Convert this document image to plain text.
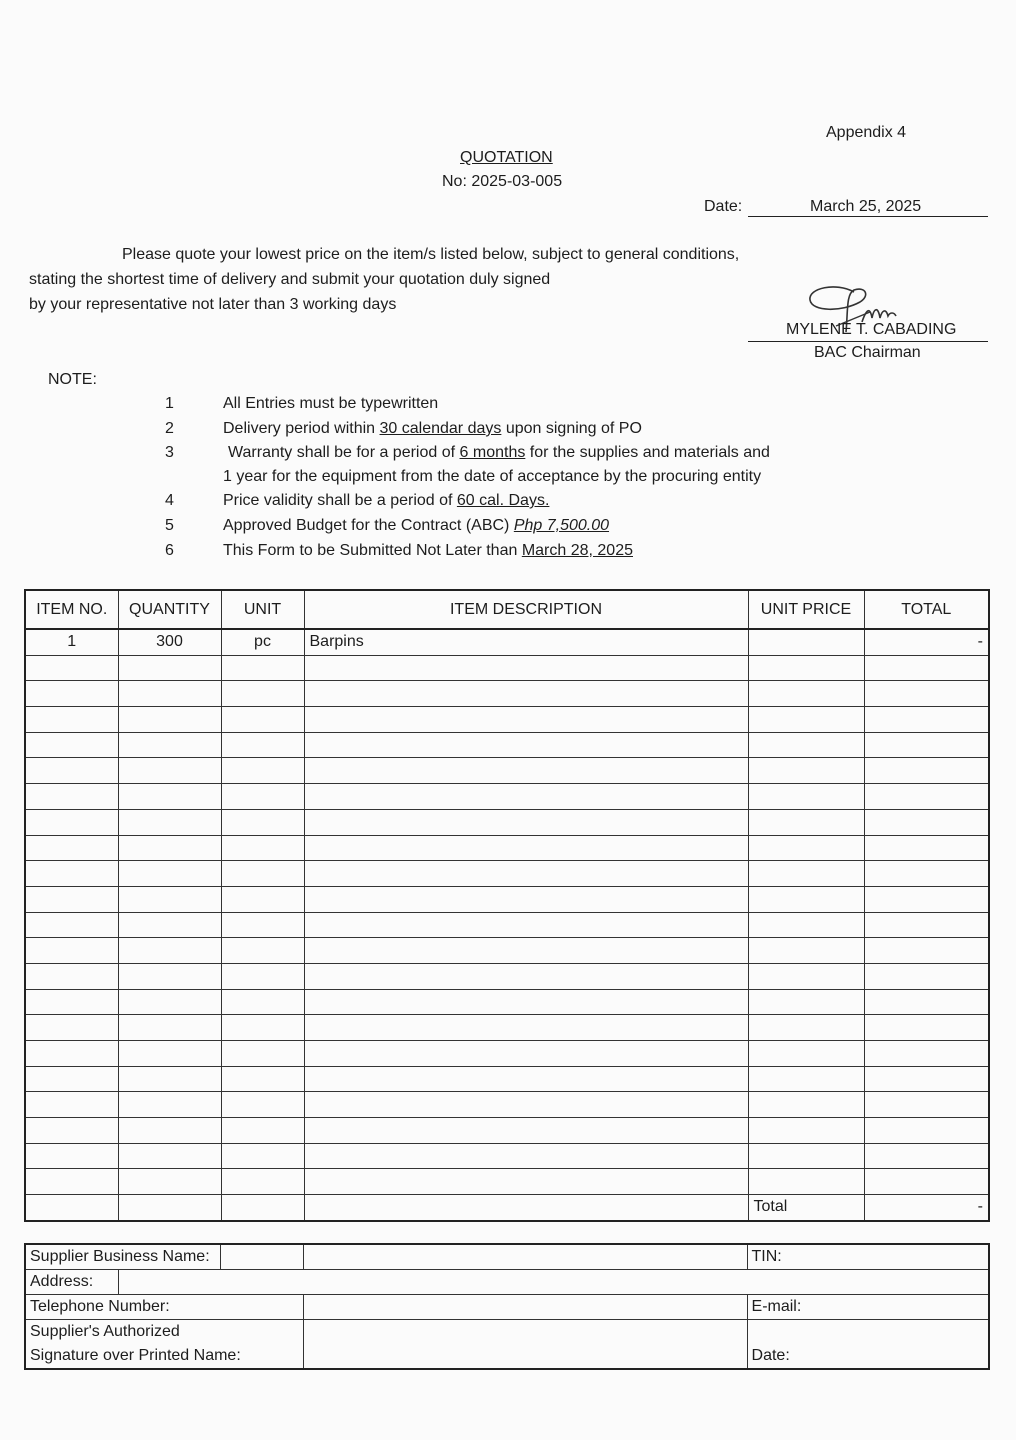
Appendix 4
QUOTATION
No: 2025-03-005
Date:	March 25, 2025
Please quote your lowest price on the item/s listed below, subject to general conditions,
stating the shortest time of delivery and submit your quotation duly signed
by your representative not later than 3 working days
MYLENE T. CABADING
BAC Chairman
NOTE:
1	All Entries must be typewritten
2	Delivery period within 30 calendar days upon signing of PO
3	Warranty shall be for a period of 6 months for the supplies and materials and
1 year for the equipment from the date of acceptance by the procuring entity
4	Price validity shall be a period of 60 cal. Days.
5	Approved Budget for the Contract (ABC) Php 7,500.00
6	This Form to be Submitted Not Later than March 28, 2025
ITEM NO.	QUANTITY	UNIT	ITEM DESCRIPTION	UNIT PRICE	TOTAL
1	300	pc	Barpins		-

				Total	-
Supplier Business Name:				TIN:
Address:				
Telephone Number:				E-mail:
Supplier's Authorized				
Signature over Printed Name:				Date:
